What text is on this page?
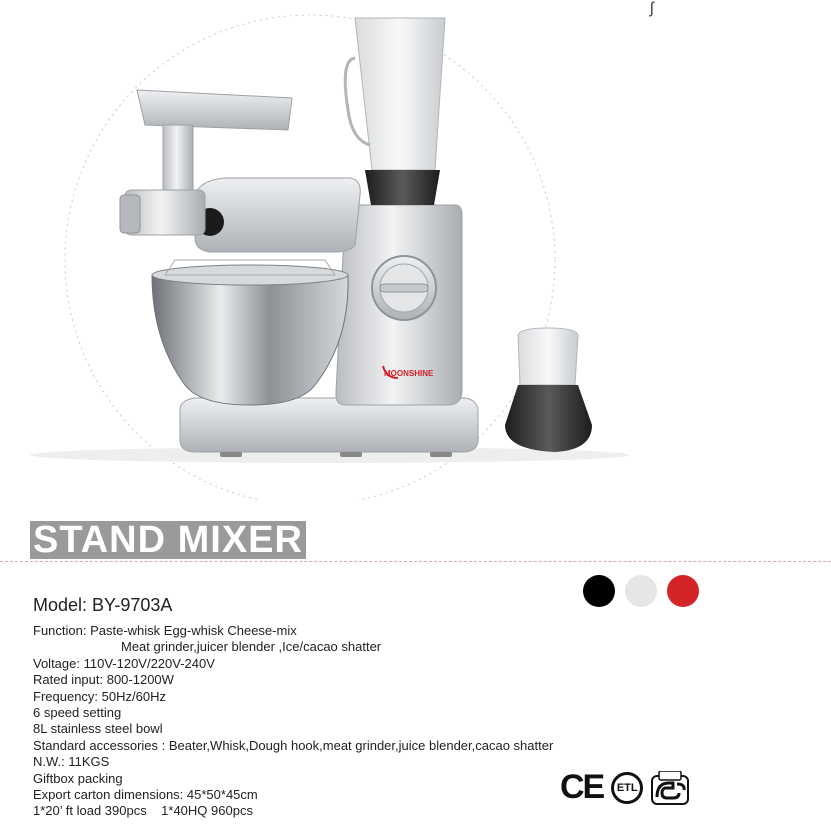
ʃ
MOONSHINE
STAND MIXER
Model: BY-9703A
Function: Paste-whisk Egg-whisk Cheese-mix
Meat grinder,juicer blender ,Ice/cacao shatter
Voltage: 110V-120V/220V-240V
Rated input: 800-1200W
Frequency: 50Hz/60Hz
6 speed setting
8L stainless steel bowl
Standard accessories : Beater,Whisk,Dough hook,meat grinder,juice blender,cacao shatter
N.W.: 11KGS
Giftbox packing
Export carton dimensions: 45*50*45cm
1*20’ ft load 390pcs    1*40HQ 960pcs
CE	ETL
